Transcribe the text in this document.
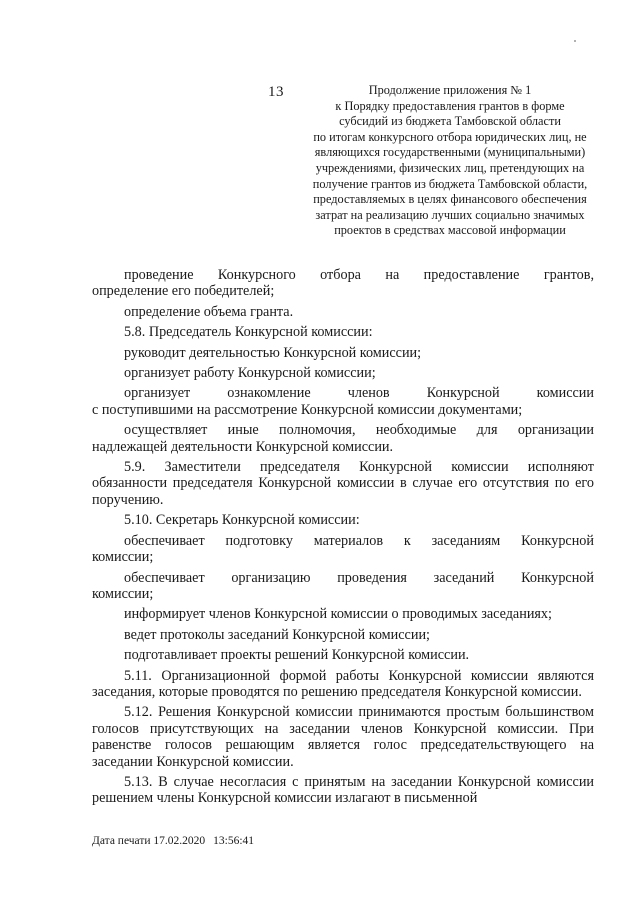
13	Продолжение приложения № 1
к Порядку предоставления грантов в форме
субсидий из бюджета Тамбовской области
по итогам конкурсного отбора юридических лиц, не
являющихся государственными (муниципальными)
учреждениями, физических лиц, претендующих на
получение грантов из бюджета Тамбовской области,
предоставляемых в целях финансового обеспечения
затрат на реализацию лучших социально значимых
проектов в средствах массовой информации

проведение Конкурсного отбора на предоставление грантов,
определение его победителей;

определение объема гранта.

5.8. Председатель Конкурсной комиссии:

руководит деятельностью Конкурсной комиссии;

организует работу Конкурсной комиссии;

организует ознакомление членов Конкурсной комиссии
с поступившими на рассмотрение Конкурсной комиссии документами;

осуществляет иные полномочия, необходимые для организации
надлежащей деятельности Конкурсной комиссии.

5.9. Заместители председателя Конкурсной комиссии исполняют обязанности председателя Конкурсной комиссии в случае его отсутствия по его поручению.

5.10. Секретарь Конкурсной комиссии:

обеспечивает подготовку материалов к заседаниям Конкурсной
комиссии;

обеспечивает организацию проведения заседаний Конкурсной
комиссии;

информирует членов Конкурсной комиссии о проводимых заседаниях;

ведет протоколы заседаний Конкурсной комиссии;

подготавливает проекты решений Конкурсной комиссии.

5.11. Организационной формой работы Конкурсной комиссии являются заседания, которые проводятся по решению председателя Конкурсной комиссии.

5.12. Решения Конкурсной комиссии принимаются простым большинством голосов присутствующих на заседании членов Конкурсной комиссии. При равенстве голосов решающим является голос председательствующего на заседании Конкурсной комиссии.

5.13. В случае несогласия с принятым на заседании Конкурсной комиссии решением члены Конкурсной комиссии излагают в письменной

Дата печати 17.02.2020 13:56:41
